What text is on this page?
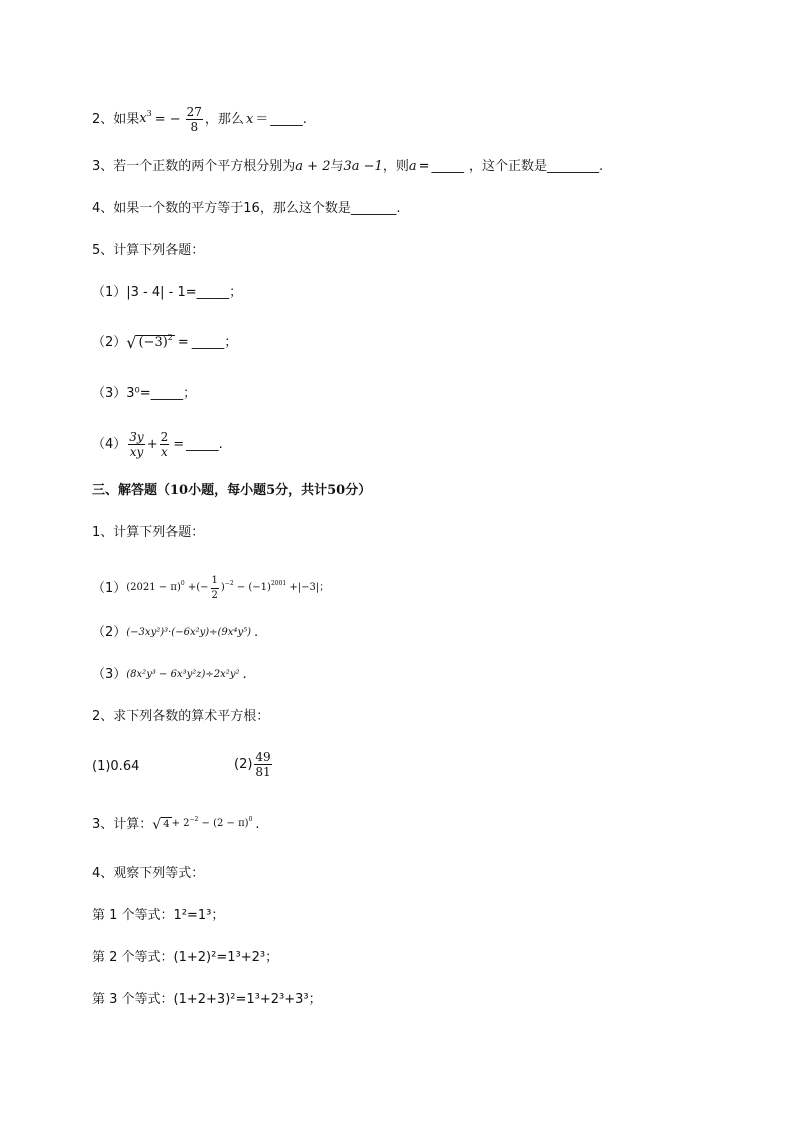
2、如果 $x^3$ = − $\frac{27}{8}$ ，那么 x ＝ _____.
3、若一个正数的两个平方根分别为 a + 2 与 3a −1 ，则 a = _____ ，这个正数是 ________.
4、如果一个数的平方等于16，那么这个数是_______.
5、计算下列各题：
（1）|3 - 4| - 1=_____；
（2） √ $(-3)^2$ = _____；
（3）3⁰=_____；
$(4) \frac{3y}{xy} + \frac{2}{x}$ = _____.
三、解答题（10小题，每小题5分，共计50分）
1、计算下列各题：
（1） $(2021 - \pi)^0$ +(− $\frac{1}{2} )^{-2} - (-1)^{2001} +|-3|$；
（2） (−3xy²)³·(−6x²y)÷(9x⁴y⁵) .
（3） (8x²y³ − 6x³y²z)÷2x²y² .
2、求下列各数的算术平方根：
(1)0.64	$(2) \frac{49}{81}$
3、计算： √ $4 + 2^{-2} - (2 - \pi)^0$ .
4、观察下列等式：
第 1 个等式：1²=1³；
第 2 个等式：(1+2)²=1³+2³；
第 3 个等式：(1+2+3)²=1³+2³+3³；
